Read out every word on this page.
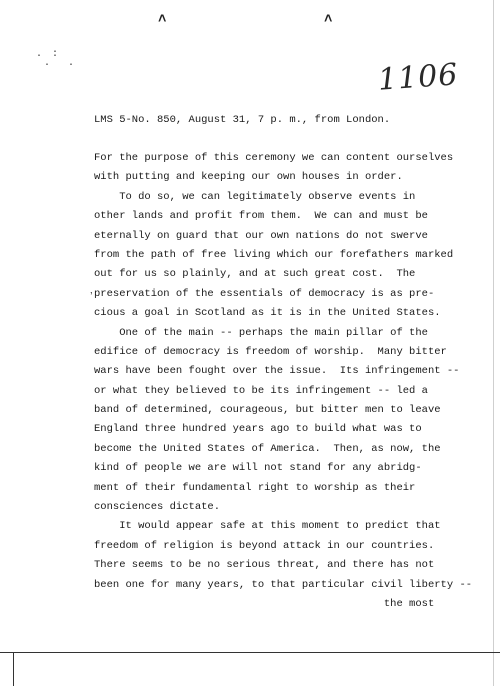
˄	˄
. :
.  .	1106
LMS 5-No. 850, August 31, 7 p. m., from London.
ʼ
For the purpose of this ceremony we can content ourselves
with putting and keeping our own houses in order.
To do so, we can legitimately observe events in
other lands and profit from them.  We can and must be
eternally on guard that our own nations do not swerve
from the path of free living which our forefathers marked
out for us so plainly, and at such great cost.  The
preservation of the essentials of democracy is as pre-
cious a goal in Scotland as it is in the United States.
One of the main -- perhaps the main pillar of the
edifice of democracy is freedom of worship.  Many bitter
wars have been fought over the issue.  Its infringement --
or what they believed to be its infringement -- led a
band of determined, courageous, but bitter men to leave
England three hundred years ago to build what was to
become the United States of America.  Then, as now, the
kind of people we are will not stand for any abridg-
ment of their fundamental right to worship as their
consciences dictate.
It would appear safe at this moment to predict that
freedom of religion is beyond attack in our countries.
There seems to be no serious threat, and there has not
been one for many years, to that particular civil liberty --
the most
